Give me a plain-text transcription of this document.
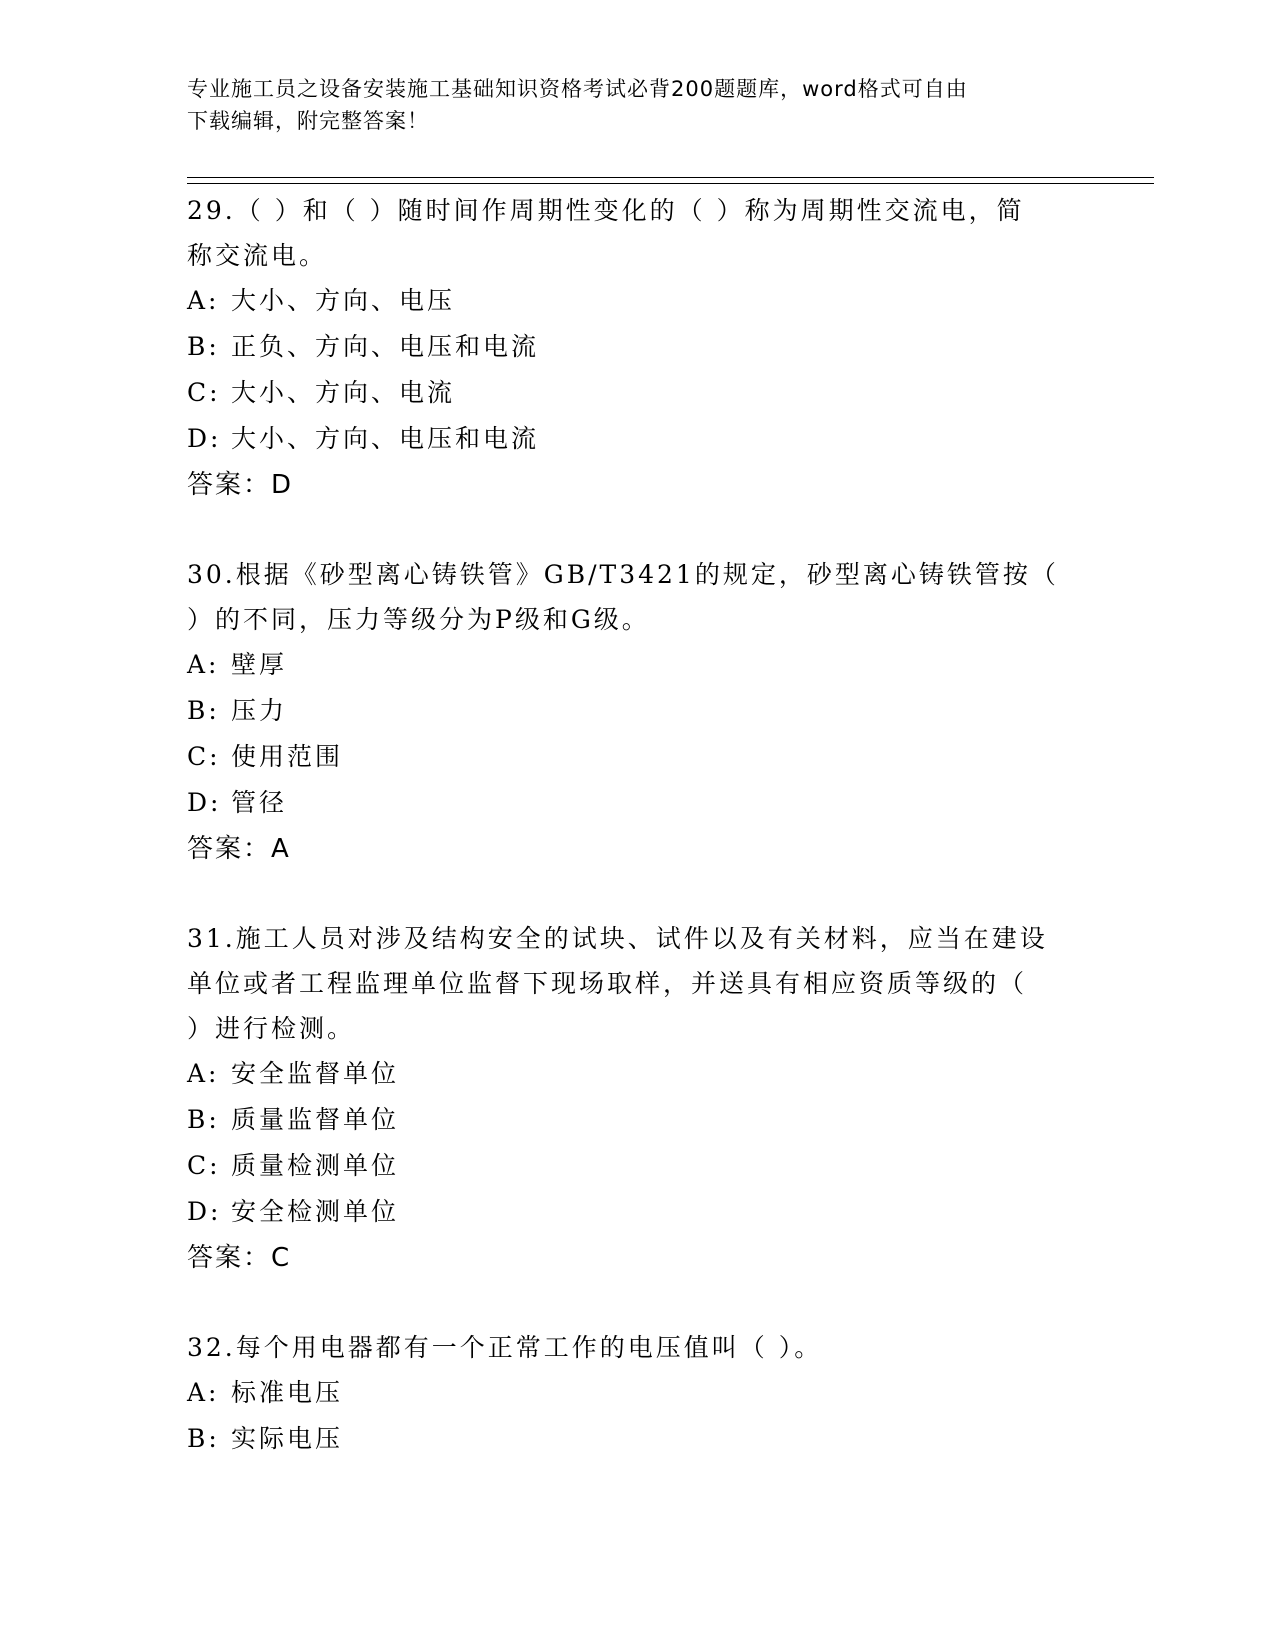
专业施工员之设备安装施工基础知识资格考试必背200题题库，word格式可自由
下载编辑，附完整答案！
29.（ ）和（ ）随时间作周期性变化的（ ）称为周期性交流电，简
称交流电。
A: 大小、方向、电压
B: 正负、方向、电压和电流
C: 大小、方向、电流
D: 大小、方向、电压和电流
答案：D
30.根据《砂型离心铸铁管》GB/T3421的规定，砂型离心铸铁管按（
）的不同，压力等级分为P级和G级。
A: 壁厚
B: 压力
C: 使用范围
D: 管径
答案：A
31.施工人员对涉及结构安全的试块、试件以及有关材料，应当在建设
单位或者工程监理单位监督下现场取样，并送具有相应资质等级的（
）进行检测。
A: 安全监督单位
B: 质量监督单位
C: 质量检测单位
D: 安全检测单位
答案：C
32.每个用电器都有一个正常工作的电压值叫（ ）。
A: 标准电压
B: 实际电压
